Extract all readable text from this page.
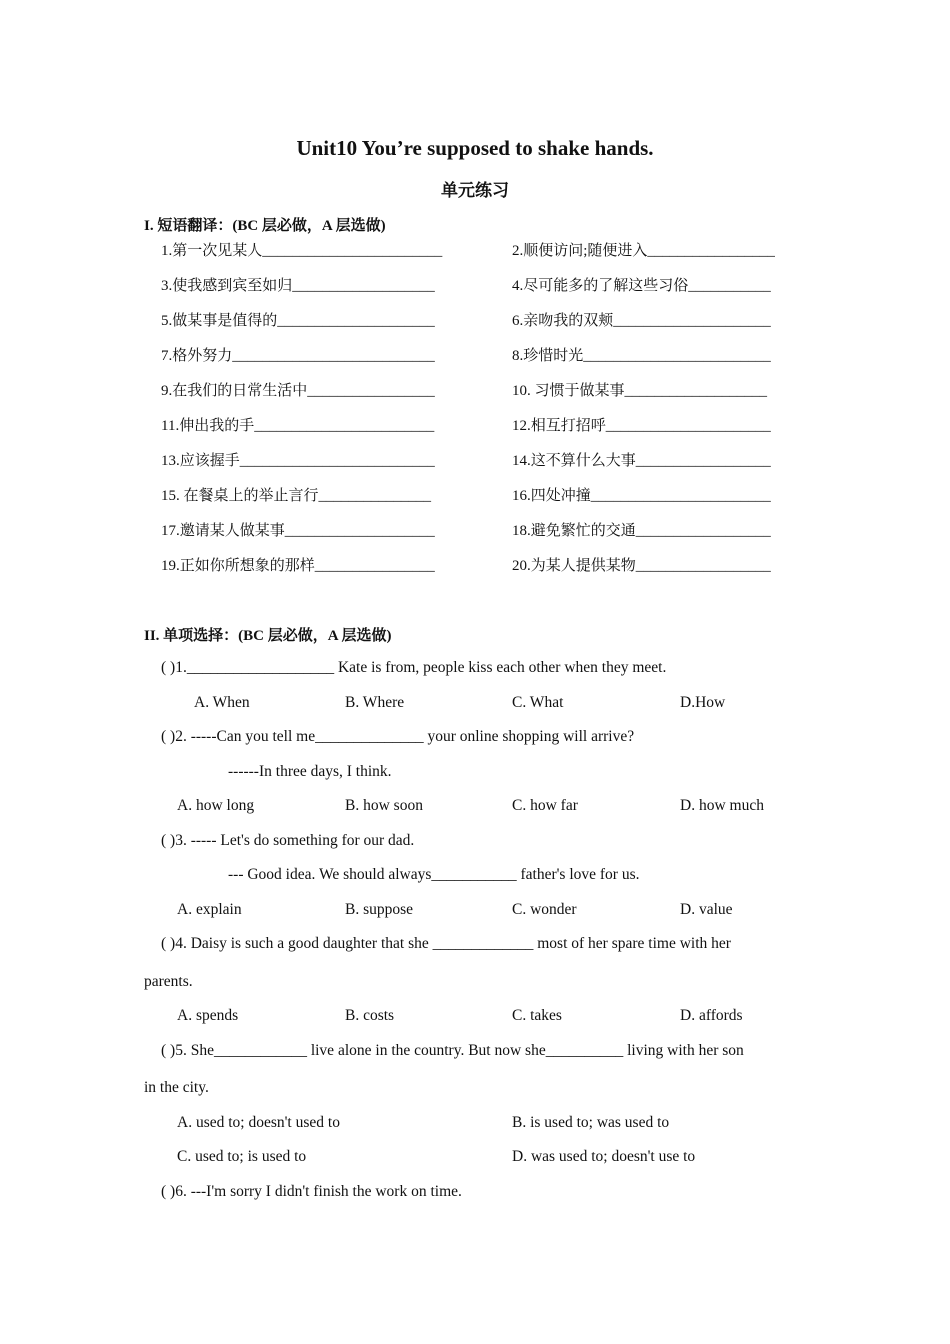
Unit10 You’re supposed to shake hands.
单元练习
I. 短语翻译：(BC 层必做，A 层选做)
1.第一次见某人________________________	2.顺便访问;随便进入_________________
3.使我感到宾至如归___________________	4.尽可能多的了解这些习俗___________
5.做某事是值得的_____________________	6.亲吻我的双颊_____________________
7.格外努力___________________________	8.珍惜时光_________________________
9.在我们的日常生活中_________________	10. 习惯于做某事___________________
11.伸出我的手________________________	12.相互打招呼______________________
13.应该握手__________________________	14.这不算什么大事__________________
15. 在餐桌上的举止言行_______________	16.四处冲撞________________________
17.邀请某人做某事____________________	18.避免繁忙的交通__________________
19.正如你所想象的那样________________	20.为某人提供某物__________________
II. 单项选择：(BC 层必做，A 层选做)
( )1.___________________ Kate is from, people kiss each other when they meet.
A. When	B. Where	C. What	D.How
( )2. -----Can you tell me______________ your online shopping will arrive?
------In three days, I think.
A. how long	B. how soon	C. how far	D. how much
( )3. ----- Let's do something for our dad.
--- Good idea. We should always___________ father's love for us.
A. explain	B. suppose	C. wonder	D. value
( )4. Daisy is such a good daughter that she _____________ most of her spare time with her
parents.
A. spends	B. costs	C. takes	D. affords
( )5. She____________ live alone in the country. But now she__________ living with her son
in the city.
A. used to; doesn't used to	B. is used to; was used to
C. used to; is used to	D. was used to; doesn't use to
( )6. ---I'm sorry I didn't finish the work on time.
